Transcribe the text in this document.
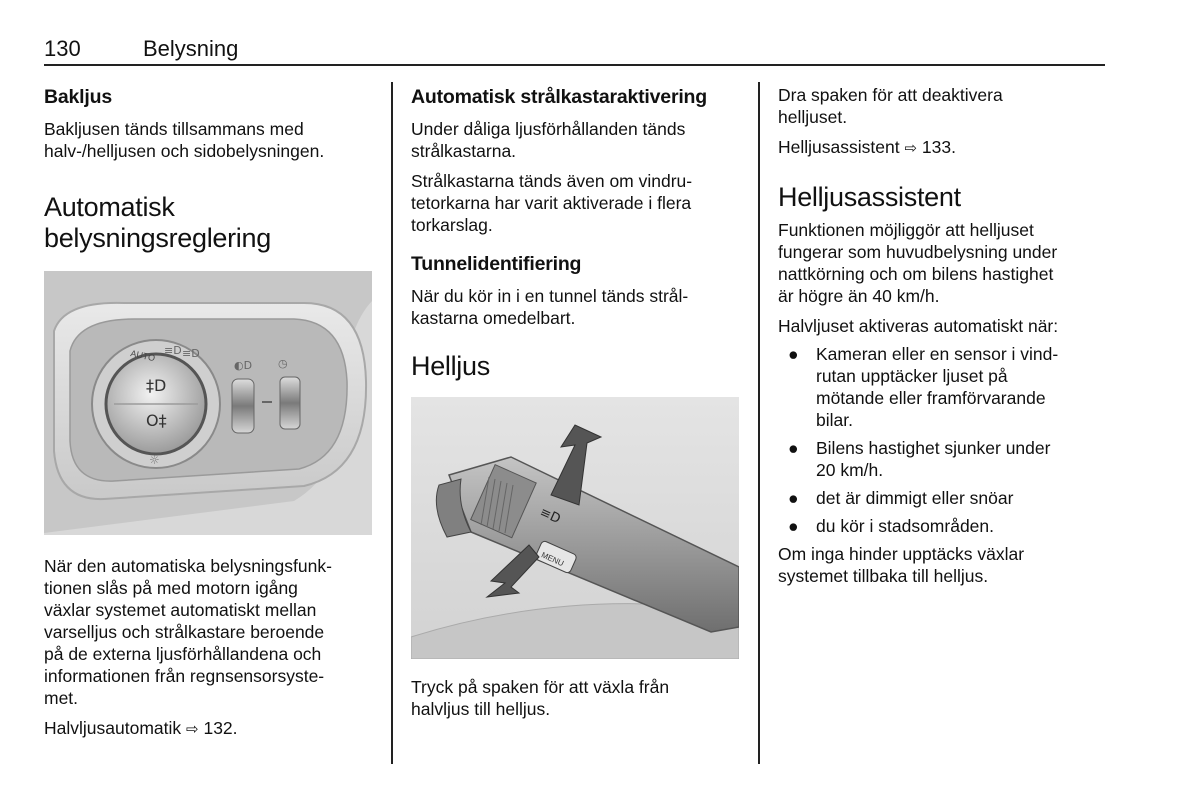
130	Belysning
Bakljus

Bakljusen tänds tillsammans med halv-/helljusen och sidobelysningen.

Automatisk
belysningsreglering
AUTO ≡D ≡D
‡D
O‡
☼
◐D ◷

När den automatiska belysningsfunk-

tionen slås på med motorn igång

växlar systemet automatiskt mellan

varselljus och strålkastare beroende

på de externa ljusförhållandena och

informationen från regnsensorsyste-

met.

Halvljusautomatik ⇨ 132.

Automatisk strålkastaraktivering

Under dåliga ljusförhållanden tänds

strålkastarna.

Strålkastarna tänds även om vindru-

tetorkarna har varit aktiverade i flera

torkarslag.

Tunnelidentifiering

När du kör in i en tunnel tänds strål-

kastarna omedelbart.

Helljus
MENU
≡D

Tryck på spaken för att växla från

halvljus till helljus.

Dra spaken för att deaktivera

helljuset.

Helljusassistent ⇨ 133.

Helljusassistent

Funktionen möjliggör att helljuset

fungerar som huvudbelysning under

nattkörning och om bilens hastighet

är högre än 40 km/h.

Halvljuset aktiveras automatiskt när:

● Kameran eller en sensor i vind-
rutan upptäcker ljuset på
mötande eller framförvarande
bilar.
● Bilens hastighet sjunker under
20 km/h.
● det är dimmigt eller snöar
● du kör i stadsområden.

Om inga hinder upptäcks växlar

systemet tillbaka till helljus.
